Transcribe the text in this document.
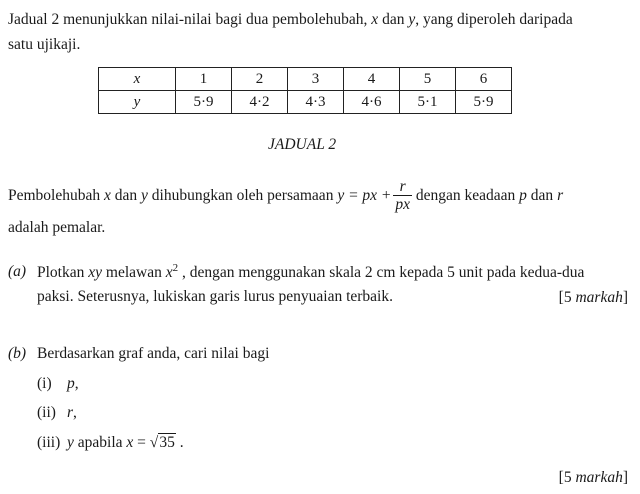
Jadual 2 menunjukkan nilai-nilai bagi dua pembolehubah, x dan y, yang diperoleh daripada
satu ujikaji.
x	1	2	3	4	5	6
y	5·9	4·2	4·3	4·6	5·1	5·9
JADUAL 2
Pembolehubah x dan y dihubungkan oleh persamaan y = px + $\frac{r}{px}$ dengan keadaan p dan r
adalah pemalar.
(a) Plotkan xy melawan $x^2$ , dengan menggunakan skala 2 cm kepada 5 unit pada kedua-dua
paksi. Seterusnya, lukiskan garis lurus penyuaian terbaik.	[5 markah]
(b) Berdasarkan graf anda, cari nilai bagi
(i) p,
(ii) r,
(iii) y apabila x = √35 .
[5 markah]
